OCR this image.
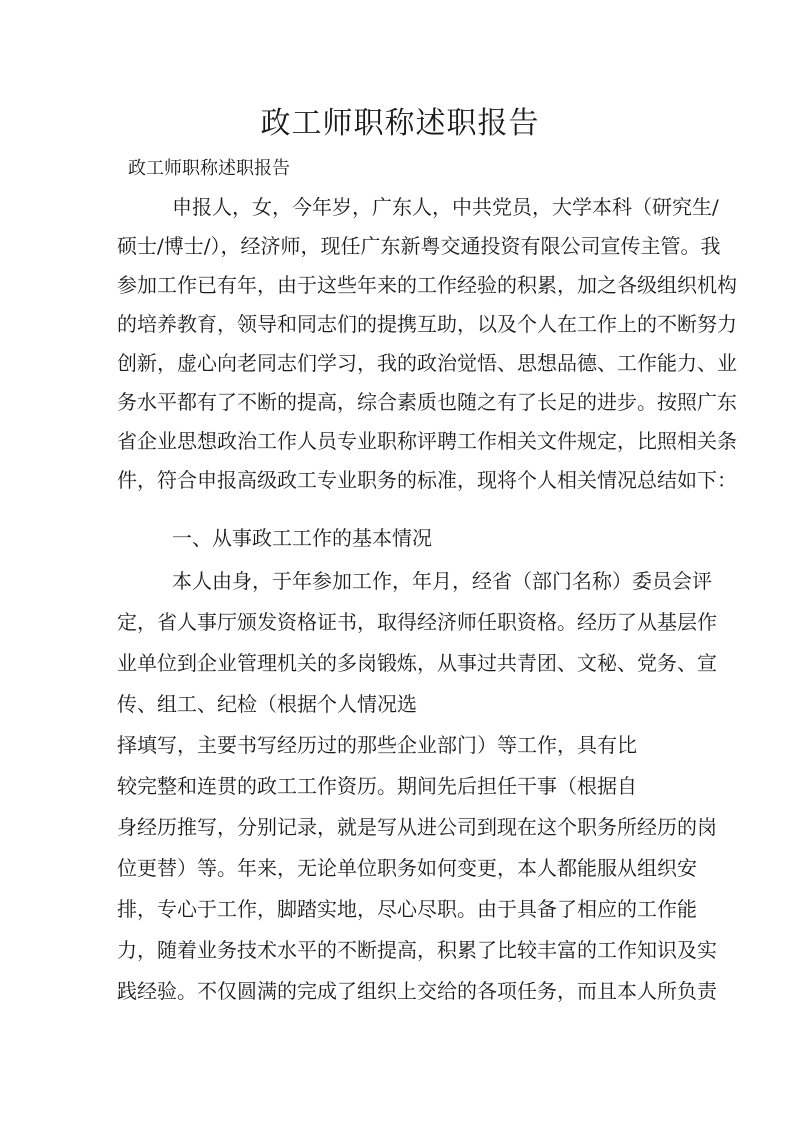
政工师职称述职报告
政工师职称述职报告
申报人，女，今年岁，广东人，中共党员，大学本科（研究生/
硕士/博士/），经济师，现任广东新粤交通投资有限公司宣传主管。我
参加工作已有年，由于这些年来的工作经验的积累，加之各级组织机构
的培养教育，领导和同志们的提携互助，以及个人在工作上的不断努力
创新，虚心向老同志们学习，我的政治觉悟、思想品德、工作能力、业
务水平都有了不断的提高，综合素质也随之有了长足的进步。按照广东
省企业思想政治工作人员专业职称评聘工作相关文件规定，比照相关条
件，符合申报高级政工专业职务的标准，现将个人相关情况总结如下：
一、从事政工工作的基本情况
本人由身，于年参加工作，年月，经省（部门名称）委员会评
定，省人事厅颁发资格证书，取得经济师任职资格。经历了从基层作
业单位到企业管理机关的多岗锻炼，从事过共青团、文秘、党务、宣
传、组工、纪检（根据个人情况选
择填写，主要书写经历过的那些企业部门）等工作，具有比
较完整和连贯的政工工作资历。期间先后担任干事（根据自
身经历推写，分别记录，就是写从进公司到现在这个职务所经历的岗
位更替）等。年来，无论单位职务如何变更，本人都能服从组织安
排，专心于工作，脚踏实地，尽心尽职。由于具备了相应的工作能
力，随着业务技术水平的不断提高，积累了比较丰富的工作知识及实
践经验。不仅圆满的完成了组织上交给的各项任务，而且本人所负责
